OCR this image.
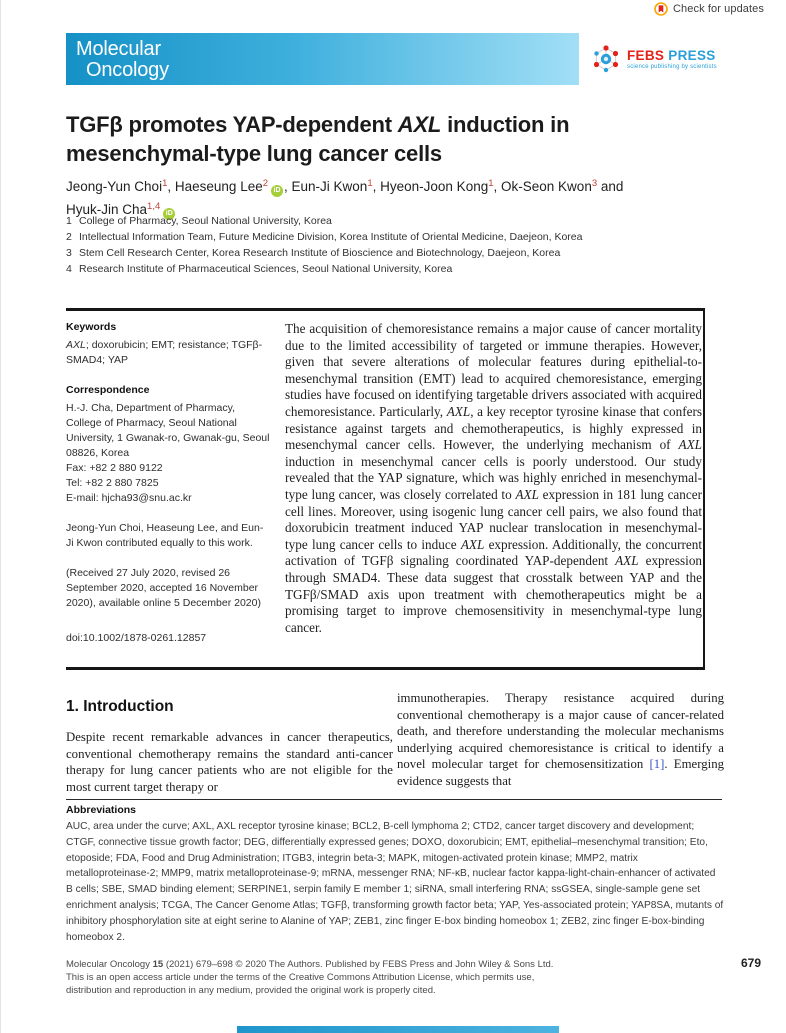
Check for updates
Molecular
Oncology
FEBS PRESS
science publishing by scientists
TGFβ promotes YAP-dependent AXL induction in mesenchymal-type lung cancer cells
Jeong-Yun Choi$^1$, Haeseung Lee$^2$iD , Eun-Ji Kwon$^1$, Hyeon-Joon Kong$^1$, Ok-Seon Kwon$^3$ and
Hyuk-Jin Cha$^{1,4}$iD
1 College of Pharmacy, Seoul National University, Korea
2 Intellectual Information Team, Future Medicine Division, Korea Institute of Oriental Medicine, Daejeon, Korea
3 Stem Cell Research Center, Korea Research Institute of Bioscience and Biotechnology, Daejeon, Korea
4 Research Institute of Pharmaceutical Sciences, Seoul National University, Korea
Keywords
AXL; doxorubicin; EMT; resistance; TGFβ-SMAD4; YAP
Correspondence
H.-J. Cha, Department of Pharmacy, College of Pharmacy, Seoul National University, 1 Gwanak-ro, Gwanak-gu, Seoul 08826, Korea
Fax: +82 2 880 9122
Tel: +82 2 880 7825
E-mail: hjcha93@snu.ac.kr
Jeong-Yun Choi, Heaseung Lee, and Eun-Ji Kwon contributed equally to this work.
(Received 27 July 2020, revised 26 September 2020, accepted 16 November 2020), available online 5 December 2020)
doi:10.1002/1878-0261.12857
The acquisition of chemoresistance remains a major cause of cancer mortality due to the limited accessibility of targeted or immune therapies. However, given that severe alterations of molecular features during epithelial-to-mesenchymal transition (EMT) lead to acquired chemoresistance, emerging studies have focused on identifying targetable drivers associated with acquired chemoresistance. Particularly, AXL, a key receptor tyrosine kinase that confers resistance against targets and chemotherapeutics, is highly expressed in mesenchymal cancer cells. However, the underlying mechanism of AXL induction in mesenchymal cancer cells is poorly understood. Our study revealed that the YAP signature, which was highly enriched in mesenchymal-type lung cancer, was closely correlated to AXL expression in 181 lung cancer cell lines. Moreover, using isogenic lung cancer cell pairs, we also found that doxorubicin treatment induced YAP nuclear translocation in mesenchymal-type lung cancer cells to induce AXL expression. Additionally, the concurrent activation of TGFβ signaling coordinated YAP-dependent AXL expression through SMAD4. These data suggest that crosstalk between YAP and the TGFβ/SMAD axis upon treatment with chemotherapeutics might be a promising target to improve chemosensitivity in mesenchymal-type lung cancer.
1. Introduction
Despite recent remarkable advances in cancer therapeutics, conventional chemotherapy remains the standard anti-cancer therapy for lung cancer patients who are not eligible for the most current target therapy or
immunotherapies. Therapy resistance acquired during conventional chemotherapy is a major cause of cancer-related death, and therefore understanding the molecular mechanisms underlying acquired chemoresistance is critical to identify a novel molecular target for chemosensitization [1]. Emerging evidence suggests that
Abbreviations
AUC, area under the curve; AXL, AXL receptor tyrosine kinase; BCL2, B-cell lymphoma 2; CTD2, cancer target discovery and development; CTGF, connective tissue growth factor; DEG, differentially expressed genes; DOXO, doxorubicin; EMT, epithelial–mesenchymal transition; Eto, etoposide; FDA, Food and Drug Administration; ITGB3, integrin beta-3; MAPK, mitogen-activated protein kinase; MMP2, matrix metalloproteinase-2; MMP9, matrix metalloproteinase-9; mRNA, messenger RNA; NF-κB, nuclear factor kappa-light-chain-enhancer of activated B cells; SBE, SMAD binding element; SERPINE1, serpin family E member 1; siRNA, small interfering RNA; ssGSEA, single-sample gene set enrichment analysis; TCGA, The Cancer Genome Atlas; TGFβ, transforming growth factor beta; YAP, Yes-associated protein; YAP8SA, mutants of inhibitory phosphorylation site at eight serine to Alanine of YAP; ZEB1, zinc finger E-box binding homeobox 1; ZEB2, zinc finger E-box-binding homeobox 2.
Molecular Oncology 15 (2021) 679–698 © 2020 The Authors. Published by FEBS Press and John Wiley & Sons Ltd.
This is an open access article under the terms of the Creative Commons Attribution License, which permits use,
distribution and reproduction in any medium, provided the original work is properly cited.
679
